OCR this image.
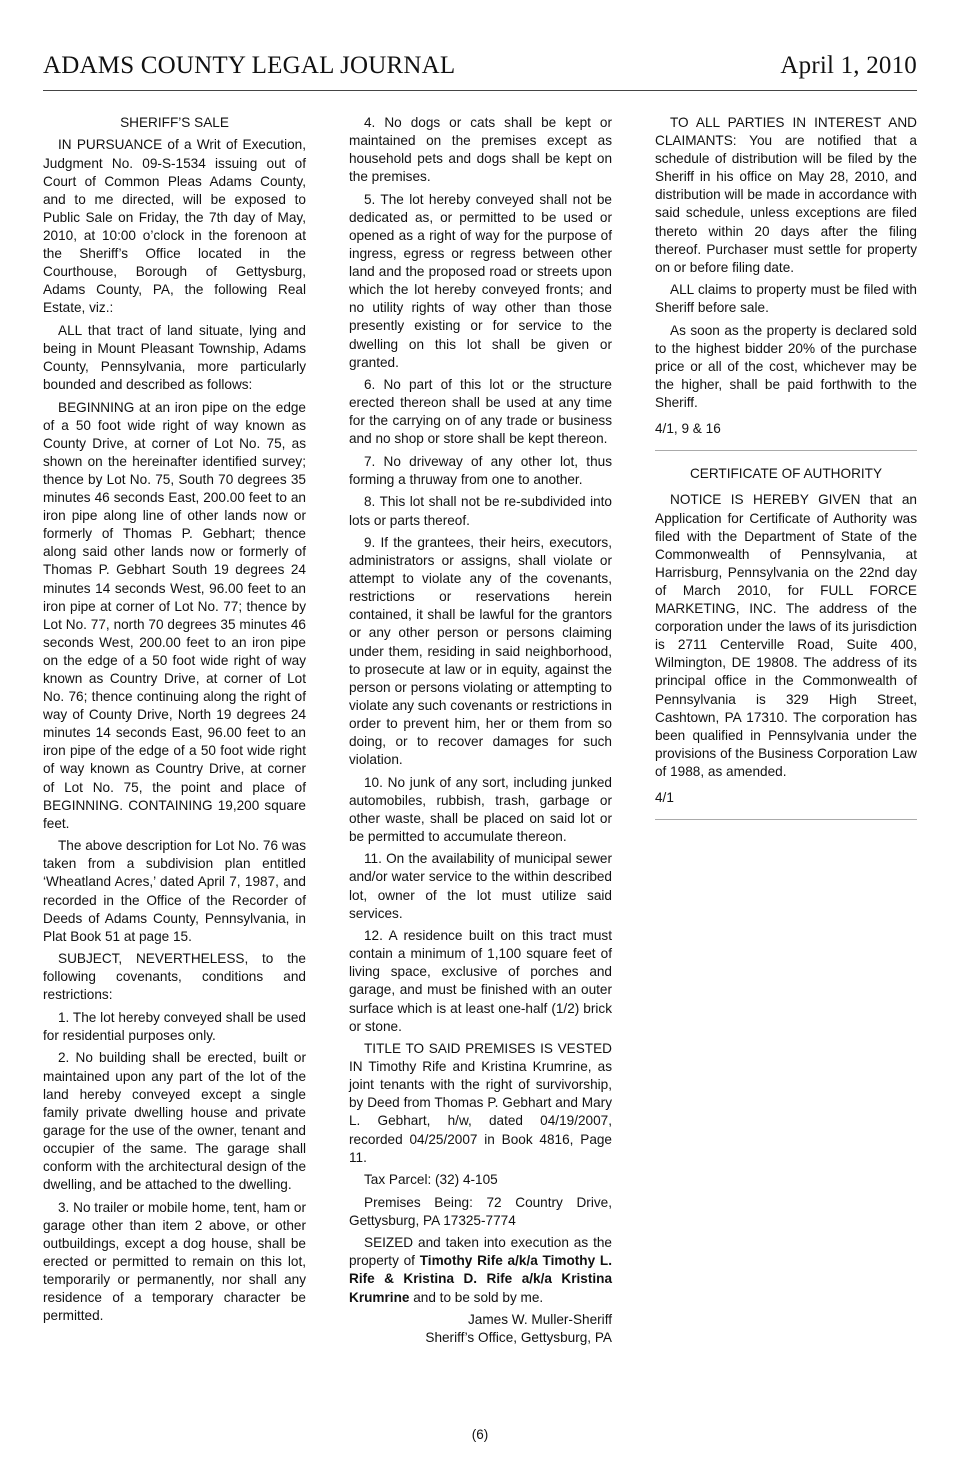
ADAMS COUNTY LEGAL JOURNAL	April 1, 2010

SHERIFF’S SALE

IN PURSUANCE of a Writ of Execution, Judgment No. 09-S-1534 issuing out of Court of Common Pleas Adams County, and to me directed, will be exposed to Public Sale on Friday, the 7th day of May, 2010, at 10:00 o’clock in the forenoon at the Sheriff’s Office located in the Courthouse, Borough of Gettysburg, Adams County, PA, the following Real Estate, viz.:

ALL that tract of land situate, lying and being in Mount Pleasant Township, Adams County, Pennsylvania, more particularly bounded and described as follows:

BEGINNING at an iron pipe on the edge of a 50 foot wide right of way known as County Drive, at corner of Lot No. 75, as shown on the hereinafter identified survey; thence by Lot No. 75, South 70 degrees 35 minutes 46 seconds East, 200.00 feet to an iron pipe along line of other lands now or formerly of Thomas P. Gebhart; thence along said other lands now or formerly of Thomas P. Gebhart South 19 degrees 24 minutes 14 seconds West, 96.00 feet to an iron pipe at corner of Lot No. 77; thence by Lot No. 77, north 70 degrees 35 minutes 46 seconds West, 200.00 feet to an iron pipe on the edge of a 50 foot wide right of way known as Country Drive, at corner of Lot No. 76; thence continuing along the right of way of County Drive, North 19 degrees 24 minutes 14 seconds East, 96.00 feet to an iron pipe of the edge of a 50 foot wide right of way known as Country Drive, at corner of Lot No. 75, the point and place of BEGINNING. CONTAINING 19,200 square feet.

The above description for Lot No. 76 was taken from a subdivision plan entitled ‘Wheatland Acres,’ dated April 7, 1987, and recorded in the Office of the Recorder of Deeds of Adams County, Pennsylvania, in Plat Book 51 at page 15.

SUBJECT, NEVERTHELESS, to the following covenants, conditions and restrictions:

1. The lot hereby conveyed shall be used for residential purposes only.

2. No building shall be erected, built or maintained upon any part of the lot of the land hereby conveyed except a single family private dwelling house and private garage for the use of the owner, tenant and occupier of the same. The garage shall conform with the architectural design of the dwelling, and be attached to the dwelling.

3. No trailer or mobile home, tent, ham or garage other than item 2 above, or other outbuildings, except a dog house, shall be erected or permitted to remain on this lot, temporarily or permanently, nor shall any residence of a temporary character be permitted.

4. No dogs or cats shall be kept or maintained on the premises except as household pets and dogs shall be kept on the premises.

5. The lot hereby conveyed shall not be dedicated as, or permitted to be used or opened as a right of way for the purpose of ingress, egress or regress between other land and the proposed road or streets upon which the lot hereby conveyed fronts; and no utility rights of way other than those presently existing or for service to the dwelling on this lot shall be given or granted.

6. No part of this lot or the structure erected thereon shall be used at any time for the carrying on of any trade or business and no shop or store shall be kept thereon.

7. No driveway of any other lot, thus forming a thruway from one to another.

8. This lot shall not be re-subdivided into lots or parts thereof.

9. If the grantees, their heirs, executors, administrators or assigns, shall violate or attempt to violate any of the covenants, restrictions or reservations herein contained, it shall be lawful for the grantors or any other person or persons claiming under them, residing in said neighborhood, to prosecute at law or in equity, against the person or persons violating or attempting to violate any such covenants or restrictions in order to prevent him, her or them from so doing, or to recover damages for such violation.

10. No junk of any sort, including junked automobiles, rubbish, trash, garbage or other waste, shall be placed on said lot or be permitted to accumulate thereon.

11. On the availability of municipal sewer and/or water service to the within described lot, owner of the lot must utilize said services.

12. A residence built on this tract must contain a minimum of 1,100 square feet of living space, exclusive of porches and garage, and must be finished with an outer surface which is at least one-half (1/2) brick or stone.

TITLE TO SAID PREMISES IS VESTED IN Timothy Rife and Kristina Krumrine, as joint tenants with the right of survivorship, by Deed from Thomas P. Gebhart and Mary L. Gebhart, h/w, dated 04/19/2007, recorded 04/25/2007 in Book 4816, Page 11.

Tax Parcel: (32) 4-105

Premises Being: 72 Country Drive, Gettysburg, PA 17325-7774

SEIZED and taken into execution as the property of Timothy Rife a/k/a Timothy L. Rife & Kristina D. Rife a/k/a Kristina Krumrine and to be sold by me.

James W. Muller-Sheriff

Sheriff’s Office, Gettysburg, PA

TO ALL PARTIES IN INTEREST AND CLAIMANTS: You are notified that a schedule of distribution will be filed by the Sheriff in his office on May 28, 2010, and distribution will be made in accordance with said schedule, unless exceptions are filed thereto within 20 days after the filing thereof. Purchaser must settle for property on or before filing date.

ALL claims to property must be filed with Sheriff before sale.

As soon as the property is declared sold to the highest bidder 20% of the purchase price or all of the cost, whichever may be the higher, shall be paid forthwith to the Sheriff.

4/1, 9 & 16

CERTIFICATE OF AUTHORITY

NOTICE IS HEREBY GIVEN that an Application for Certificate of Authority was filed with the Department of State of the Commonwealth of Pennsylvania, at Harrisburg, Pennsylvania on the 22nd day of March 2010, for FULL FORCE MARKETING, INC. The address of the corporation under the laws of its jurisdiction is 2711 Centerville Road, Suite 400, Wilmington, DE 19808. The address of its principal office in the Commonwealth of Pennsylvania is 329 High Street, Cashtown, PA 17310. The corporation has been qualified in Pennsylvania under the provisions of the Business Corporation Law of 1988, as amended.

4/1

(6)
